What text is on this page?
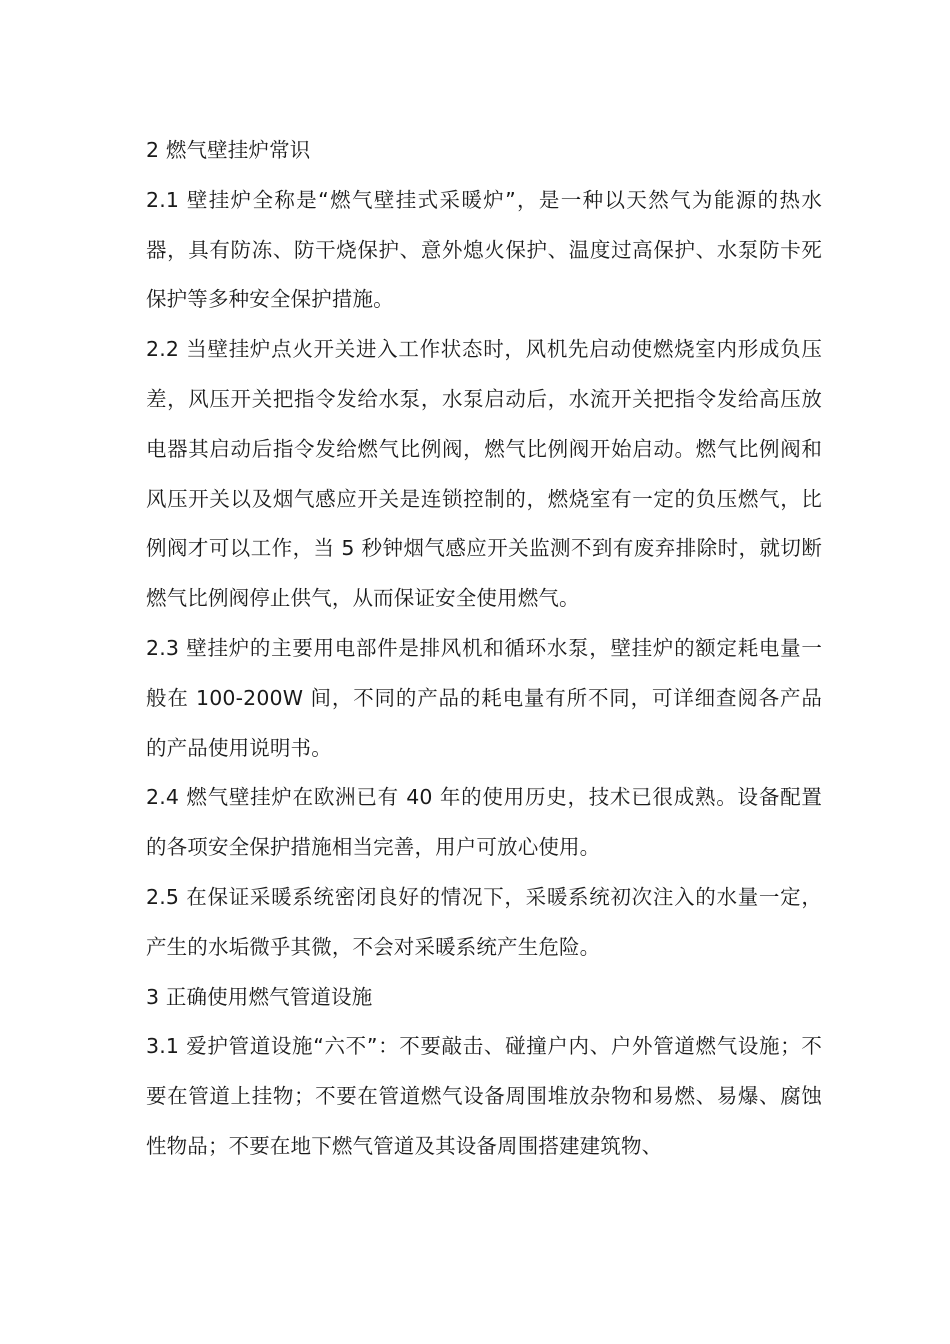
2 燃气壁挂炉常识

2.1 壁挂炉全称是“燃气壁挂式采暖炉”，是一种以天然气为能源的热水器，具有防冻、防干烧保护、意外熄火保护、温度过高保护、水泵防卡死保护等多种安全保护措施。

2.2 当壁挂炉点火开关进入工作状态时，风机先启动使燃烧室内形成负压差，风压开关把指令发给水泵，水泵启动后，水流开关把指令发给高压放电器其启动后指令发给燃气比例阀，燃气比例阀开始启动。燃气比例阀和风压开关以及烟气感应开关是连锁控制的，燃烧室有一定的负压燃气，比例阀才可以工作，当 5 秒钟烟气感应开关监测不到有废弃排除时，就切断燃气比例阀停止供气，从而保证安全使用燃气。

2.3 壁挂炉的主要用电部件是排风机和循环水泵，壁挂炉的额定耗电量一般在 100-200W 间，不同的产品的耗电量有所不同，可详细查阅各产品的产品使用说明书。

2.4 燃气壁挂炉在欧洲已有 40 年的使用历史，技术已很成熟。设备配置的各项安全保护措施相当完善，用户可放心使用。

2.5 在保证采暖系统密闭良好的情况下，采暖系统初次注入的水量一定，产生的水垢微乎其微，不会对采暖系统产生危险。

3 正确使用燃气管道设施

3.1 爱护管道设施“六不”：不要敲击、碰撞户内、户外管道燃气设施；不要在管道上挂物；不要在管道燃气设备周围堆放杂物和易燃、易爆、腐蚀性物品；不要在地下燃气管道及其设备周围搭建建筑物、
